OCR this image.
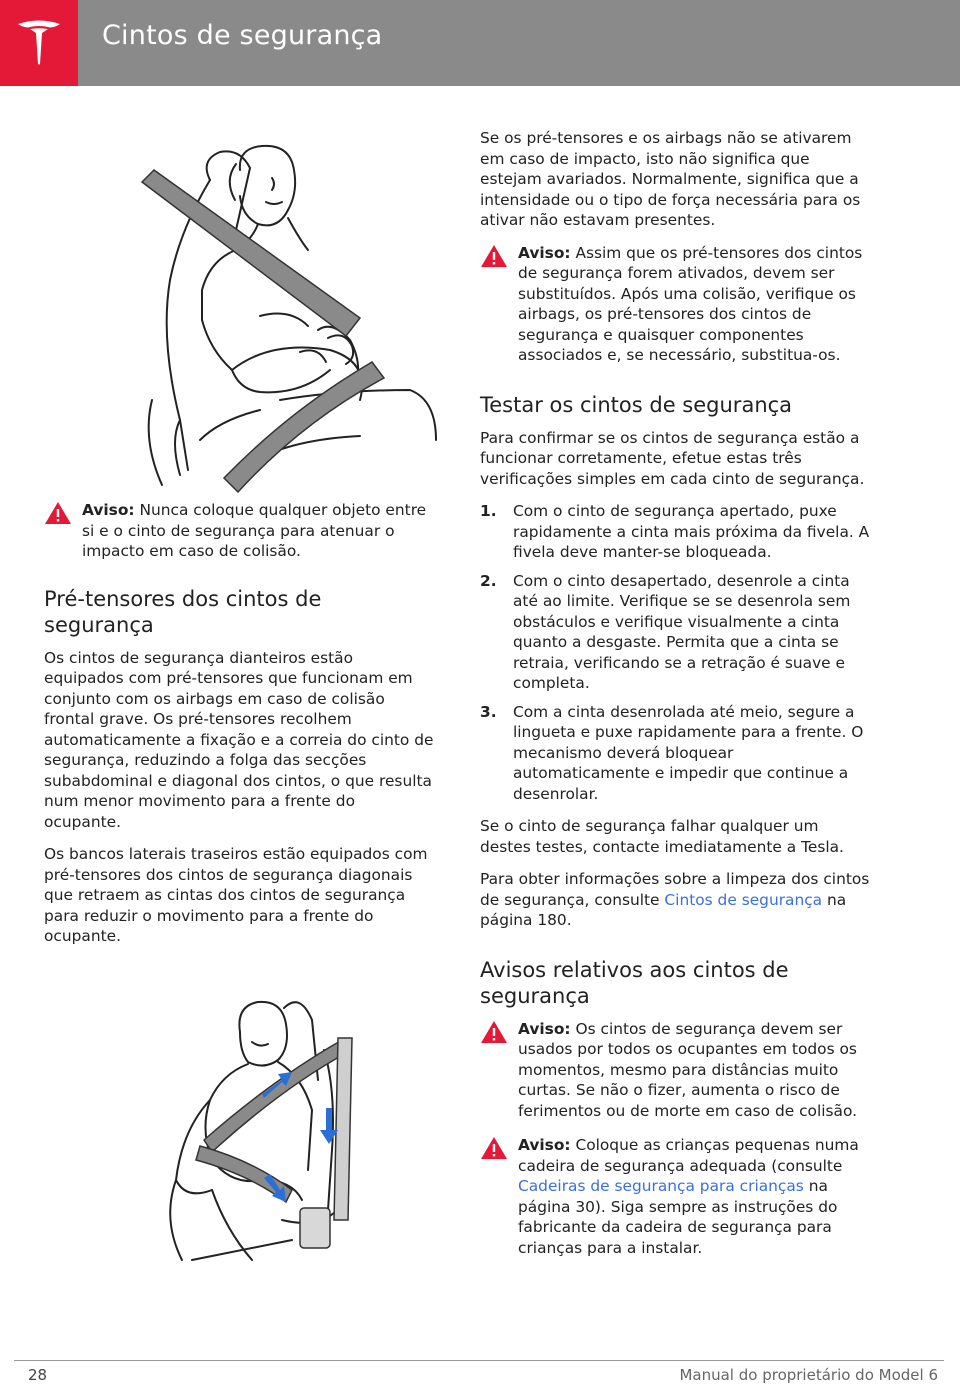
Cintos de segurança
Aviso: Nunca coloque qualquer objeto entre si e o cinto de segurança para atenuar o impacto em caso de colisão.
Pré-tensores dos cintos de segurança

Os cintos de segurança dianteiros estão equipados com pré-tensores que funcionam em conjunto com os airbags em caso de colisão frontal grave. Os pré-tensores recolhem automaticamente a fixação e a correia do cinto de segurança, reduzindo a folga das secções subabdominal e diagonal dos cintos, o que resulta num menor movimento para a frente do ocupante.

Os bancos laterais traseiros estão equipados com pré-tensores dos cintos de segurança diagonais que retraem as cintas dos cintos de segurança para reduzir o movimento para a frente do ocupante.

Se os pré-tensores e os airbags não se ativarem em caso de impacto, isto não significa que estejam avariados. Normalmente, significa que a intensidade ou o tipo de força necessária para os ativar não estavam presentes.

Aviso: Assim que os pré-tensores dos cintos de segurança forem ativados, devem ser substituídos. Após uma colisão, verifique os airbags, os pré-tensores dos cintos de segurança e quaisquer componentes associados e, se necessário, substitua-os.
Testar os cintos de segurança

Para confirmar se os cintos de segurança estão a funcionar corretamente, efetue estas três verificações simples em cada cinto de segurança.

1. Com o cinto de segurança apertado, puxe rapidamente a cinta mais próxima da fivela. A fivela deve manter-se bloqueada.
2. Com o cinto desapertado, desenrole a cinta até ao limite. Verifique se se desenrola sem obstáculos e verifique visualmente a cinta quanto a desgaste. Permita que a cinta se retraia, verificando se a retração é suave e completa.
3. Com a cinta desenrolada até meio, segure a lingueta e puxe rapidamente para a frente. O mecanismo deverá bloquear automaticamente e impedir que continue a desenrolar.

Se o cinto de segurança falhar qualquer um destes testes, contacte imediatamente a Tesla.

Para obter informações sobre a limpeza dos cintos de segurança, consulte Cintos de segurança na página 180.

Avisos relativos aos cintos de segurança
Aviso: Os cintos de segurança devem ser usados por todos os ocupantes em todos os momentos, mesmo para distâncias muito curtas. Se não o fizer, aumenta o risco de ferimentos ou de morte em caso de colisão.
Aviso: Coloque as crianças pequenas numa cadeira de segurança adequada (consulte Cadeiras de segurança para crianças na página 30). Siga sempre as instruções do fabricante da cadeira de segurança para crianças para a instalar.
28	Manual do proprietário do Model 6
